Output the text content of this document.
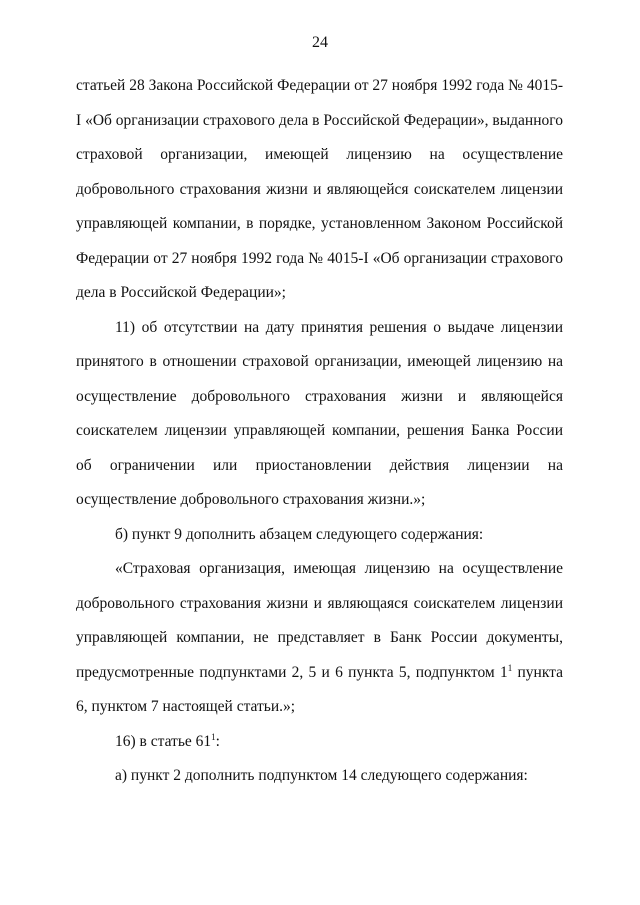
24

статьей 28 Закона Российской Федерации от 27 ноября 1992 года № 4015-I «Об организации страхового дела в Российской Федерации», выданного страховой организации, имеющей лицензию на осуществление добровольного страхования жизни и являющейся соискателем лицензии управляющей компании, в порядке, установленном Законом Российской Федерации от 27 ноября 1992 года № 4015-I «Об организации страхового дела в Российской Федерации»;

11) об отсутствии на дату принятия решения о выдаче лицензии принятого в отношении страховой организации, имеющей лицензию на осуществление добровольного страхования жизни и являющейся соискателем лицензии управляющей компании, решения Банка России об ограничении или приостановлении действия лицензии на осуществление добровольного страхования жизни.»;

б) пункт 9 дополнить абзацем следующего содержания:

«Страховая организация, имеющая лицензию на осуществление добровольного страхования жизни и являющаяся соискателем лицензии управляющей компании, не представляет в Банк России документы, предусмотренные подпунктами 2, 5 и 6 пункта 5, подпунктом $1^1$ пункта 6, пунктом 7 настоящей статьи.»;

16) в статье $61^1$:

а) пункт 2 дополнить подпунктом 14 следующего содержания:
